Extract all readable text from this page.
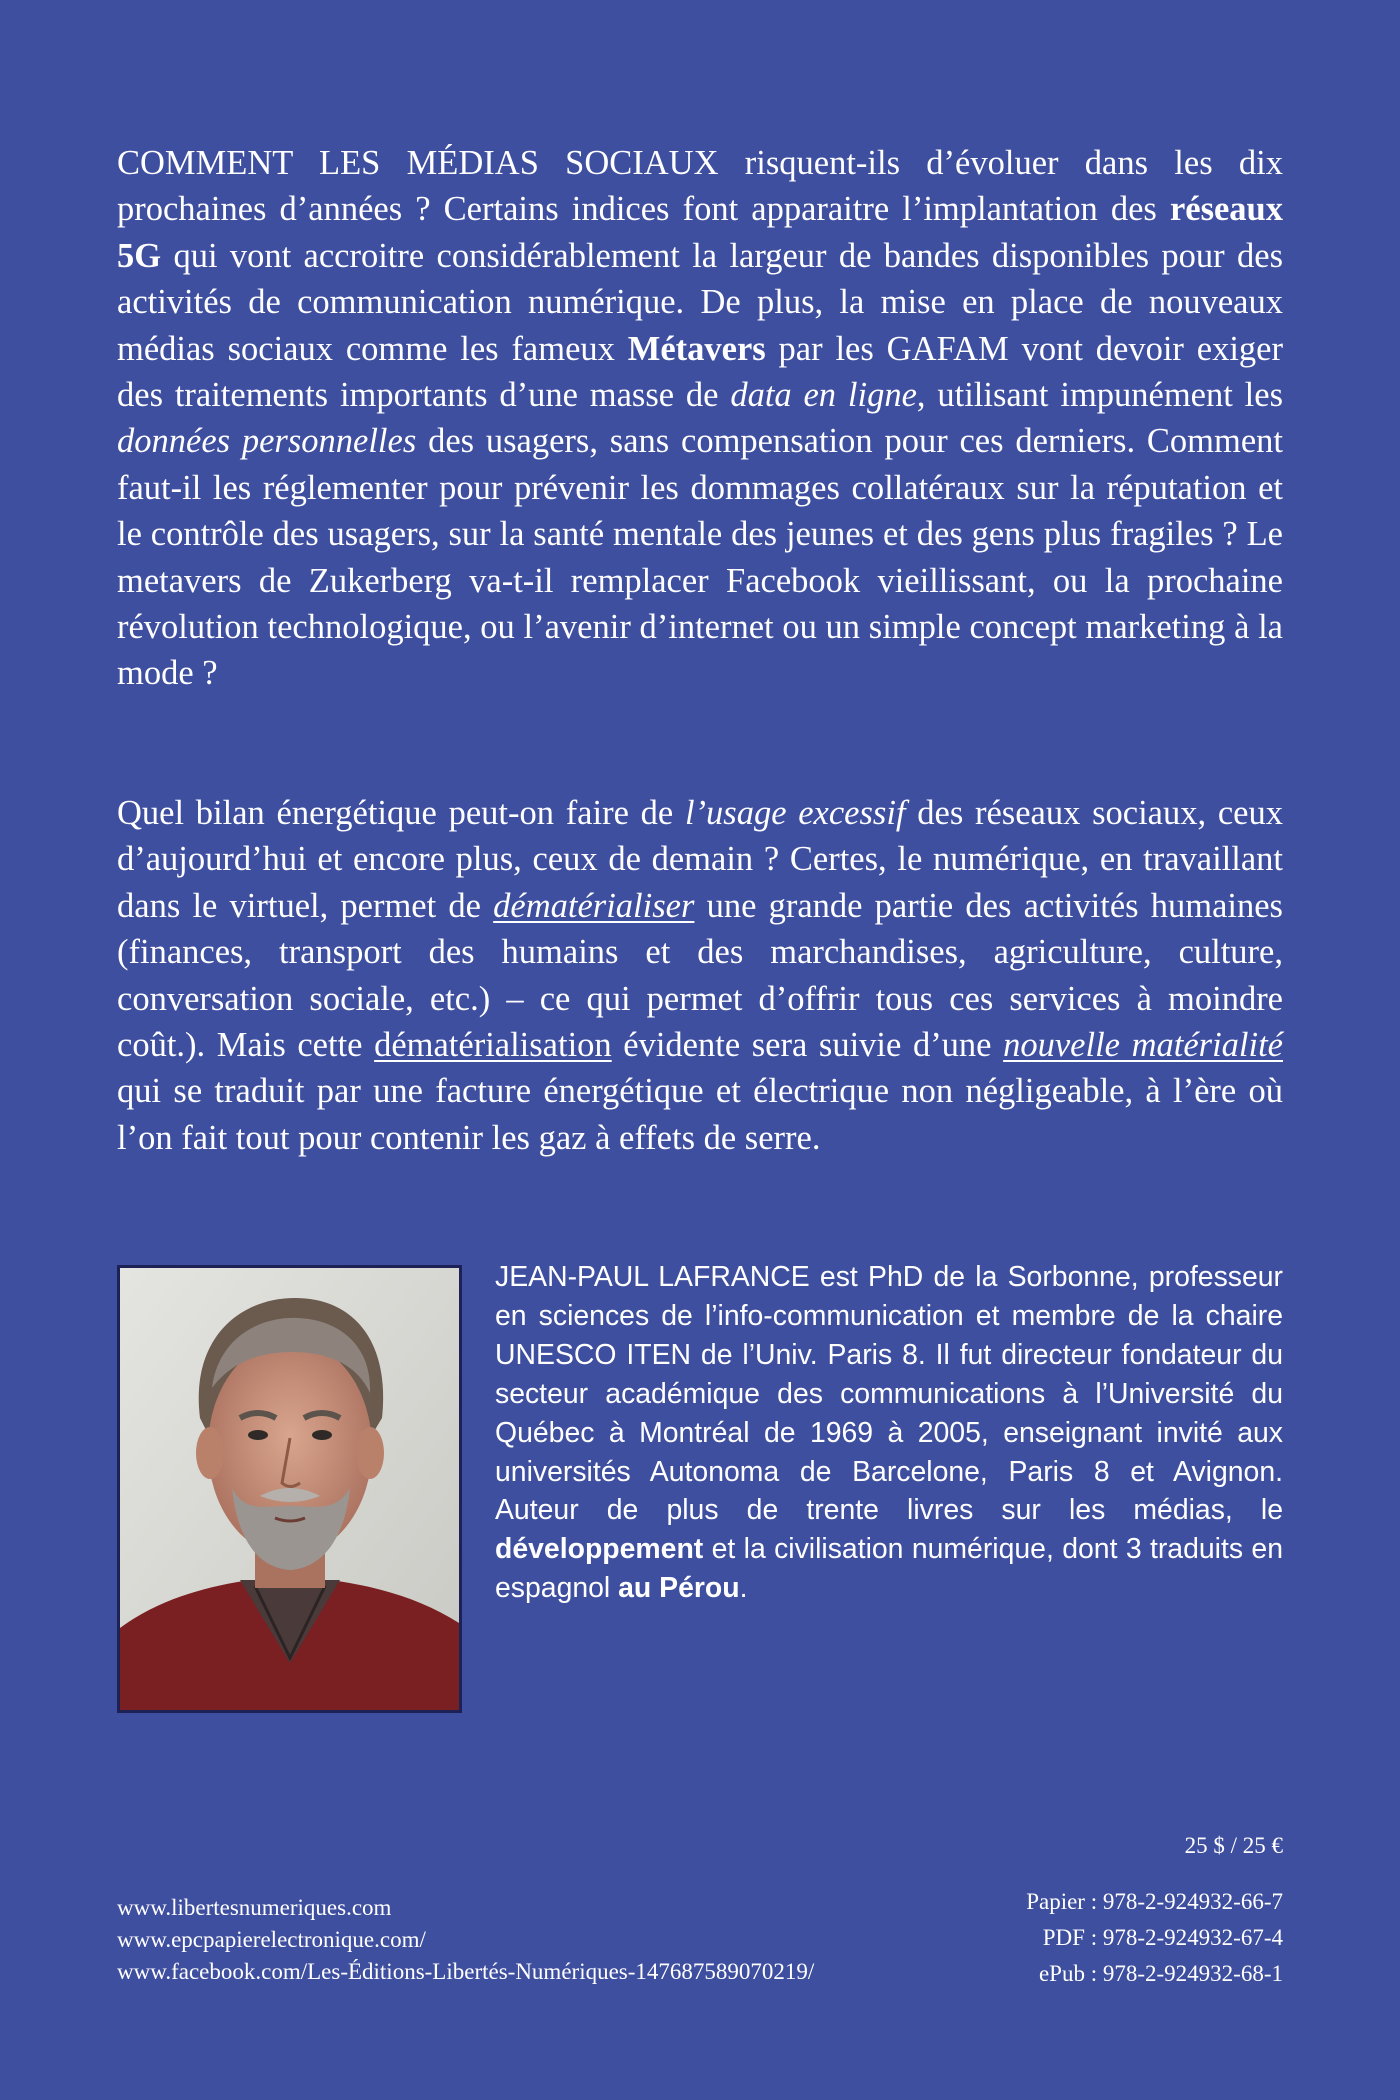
COMMENT LES MÉDIAS SOCIAUX risquent-ils d’évoluer dans les dix prochaines d’années ? Certains indices font apparaitre l’implantation des réseaux 5G qui vont accroitre considérablement la largeur de bandes disponibles pour des activités de communication numérique. De plus, la mise en place de nouveaux médias sociaux comme les fameux Métavers par les GAFAM vont devoir exiger des traitements importants d’une masse de data en ligne, utilisant impunément les données personnelles des usagers, sans compensation pour ces derniers. Comment faut-il les réglementer pour prévenir les dommages collatéraux sur la réputation et le contrôle des usagers, sur la santé mentale des jeunes et des gens plus fragiles ? Le metavers de Zukerberg va-t-il remplacer Facebook vieillissant, ou la prochaine révolution technologique, ou l’avenir d’internet ou un simple concept marketing à la mode ?

Quel bilan énergétique peut-on faire de l’usage excessif des réseaux sociaux, ceux d’aujourd’hui et encore plus, ceux de demain ? Certes, le numérique, en travaillant dans le virtuel, permet de dématérialiser une grande partie des activités humaines (finances, transport des humains et des marchandises, agriculture, culture, conversation sociale, etc.) – ce qui permet d’offrir tous ces services à moindre coût.). Mais cette dématérialisation évidente sera suivie d’une nouvelle matérialité qui se traduit par une facture énergétique et électrique non négligeable, à l’ère où l’on fait tout pour contenir les gaz à effets de serre.

JEAN-PAUL LAFRANCE est PhD de la Sorbonne, professeur en sciences de l’info-communication et membre de la chaire UNESCO ITEN de l’Univ. Paris 8. Il fut directeur fondateur du secteur académique des communications à l’Université du Québec à Montréal de 1969 à 2005, enseignant invité aux universités Autonoma de Barcelone, Paris 8 et Avignon. Auteur de plus de trente livres sur les médias, le développement et la civilisation numérique, dont 3 traduits en espagnol au Pérou.

www.libertesnumeriques.com
www.epcpapierelectronique.com/
www.facebook.com/Les-Éditions-Libertés-Numériques-14768758907021​9/
25 $ / 25 €
Papier : 978-2-924932-66-7
PDF : 978-2-924932-67-4
ePub : 978-2-924932-68-1
